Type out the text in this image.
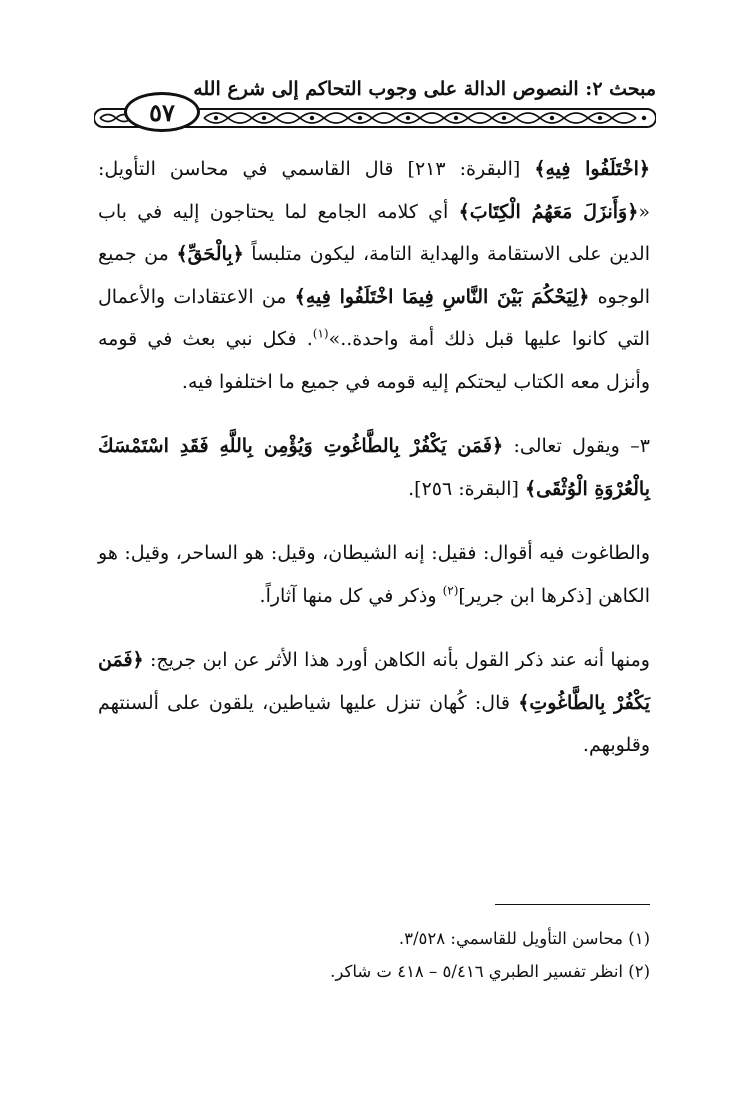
مبحث ٢: النصوص الدالة على وجوب التحاكم إلى شرع الله
٥٧

﴿اخْتَلَفُوا فِيهِ﴾ [البقرة: ٢١٣] قال القاسمي في محاسن التأويل: «﴿وَأَنزَلَ مَعَهُمُ الْكِتَابَ﴾ أي كلامه الجامع لما يحتاجون إليه في باب الدين على الاستقامة والهداية التامة، ليكون متلبساً ﴿بِالْحَقِّ﴾ من جميع الوجوه ﴿لِيَحْكُمَ بَيْنَ النَّاسِ فِيمَا اخْتَلَفُوا فِيهِ﴾ من الاعتقادات والأعمال التي كانوا عليها قبل ذلك أمة واحدة..»$^{(١)}$. فكل نبي بعث في قومه وأنزل معه الكتاب ليحتكم إليه قومه في جميع ما اختلفوا فيه.

٣– ويقول تعالى: ﴿فَمَن يَكْفُرْ بِالطَّاغُوتِ وَيُؤْمِن بِاللَّهِ فَقَدِ اسْتَمْسَكَ بِالْعُرْوَةِ الْوُثْقَى﴾ [البقرة: ٢٥٦].

والطاغوت فيه أقوال: فقيل: إنه الشيطان، وقيل: هو الساحر، وقيل: هو الكاهن [ذكرها ابن جرير]$^{(٢)}$ وذكر في كل منها آثاراً.

ومنها أنه عند ذكر القول بأنه الكاهن أورد هذا الأثر عن ابن جريج: ﴿فَمَن يَكْفُرْ بِالطَّاغُوتِ﴾ قال: كُهان تنزل عليها شياطين، يلقون على ألسنتهم وقلوبهم.

(١) محاسن التأويل للقاسمي: ٣/٥٢٨.

(٢) انظر تفسير الطبري ٥/٤١٦ – ٤١٨ ت شاكر.
